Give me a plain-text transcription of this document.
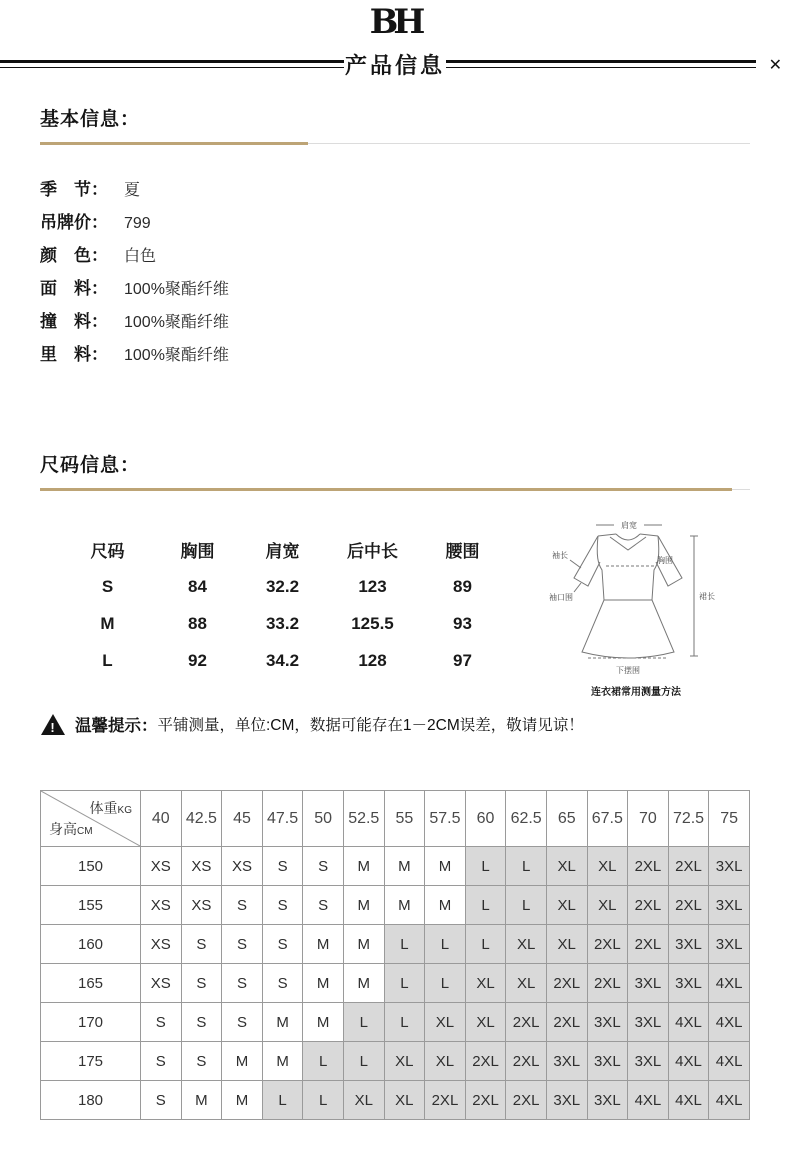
BH
产品信息	✕
基本信息：
季　节：	夏
吊牌价：	799
颜　色：	白色
面　料：	100%聚酯纤维
撞　料：	100%聚酯纤维
里　料：	100%聚酯纤维
尺码信息：
尺码	胸围	肩宽	后中长	腰围
S	84	32.2	123	89
M	88	33.2	125.5	93
L	92	34.2	128	97
肩宽
胸围
袖长
袖口围	裙长
下摆围
连衣裙常用测量方法
!	温馨提示： 平铺测量，单位:CM，数据可能存在1－2CM误差，敬请见谅！
体重KG
身高CM	40	42.5	45	47.5	50	52.5	55	57.5	60	62.5	65	67.5	70	72.5	75
150	XS	XS	XS	S	S	M	M	M	L	L	XL	XL	2XL	2XL	3XL
155	XS	XS	S	S	S	M	M	M	L	L	XL	XL	2XL	2XL	3XL
160	XS	S	S	S	M	M	L	L	L	XL	XL	2XL	2XL	3XL	3XL
165	XS	S	S	S	M	M	L	L	XL	XL	2XL	2XL	3XL	3XL	4XL
170	S	S	S	M	M	L	L	XL	XL	2XL	2XL	3XL	3XL	4XL	4XL
175	S	S	M	M	L	L	XL	XL	2XL	2XL	3XL	3XL	3XL	4XL	4XL
180	S	M	M	L	L	XL	XL	2XL	2XL	2XL	3XL	3XL	4XL	4XL	4XL
